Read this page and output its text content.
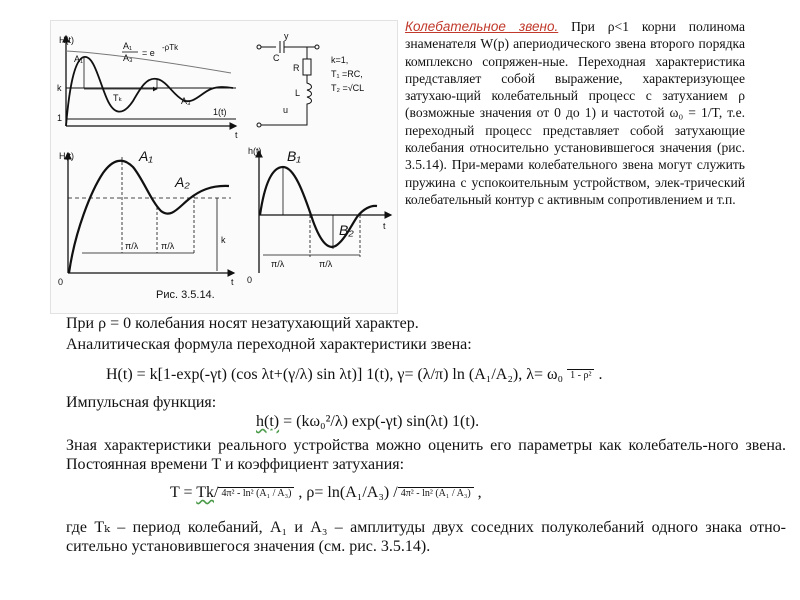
H(t)
t
A₁
A₃
k
1
Tₖ
1(t)
A₁
A₃ = e
-ρTk
y
C
R
L
u
k=1,
T₁ =RC,
T₂ =√CL
H(t)
t
0
A₁
A₂
k
π/λ	π/λ
h(t)
t
0
B₁
B₂
π/λ	π/λ
Рис. 3.5.14.
Колебательное звено. При ρ<1 корни полинома знаменателя W(p) апериодического звена второго порядка комплексно сопряжен-ные. Переходная характеристика представляет собой выражение, характеризующее затухаю-щий колебательный процесс с затуханием ρ (возможные значения от 0 до 1) и частотой ω₀ = 1/T, т.е. переходный процесс представляет собой затухающие колебания относительно установившегося значения (рис. 3.5.14). При-мерами колебательного звена могут служить пружина с успокоительным устройством, элек-трический колебательный контур с активным сопротивлением и т.п.
При ρ = 0 колебания носят незатухающий характер.
Аналитическая формула переходной характеристики звена:
H(t) = k[1-exp(-γt) (cos λt+(γ/λ) sin λt)] 1(t), γ= (λ/π) ln (A₁/A₂), λ= ω₀ 1 - ρ² .
Импульсная функция:
h(t) = (kω₀²/λ) exp(-γt) sin(λt) 1(t).
Зная характеристики реального устройства можно оценить его параметры как колебатель-ного звена. Постоянная времени T и коэффициент затухания:
T = Tk/ 4π² - ln² (A₁ / A₃) , ρ= ln(A₁/A₃) / 4π² - ln² (A₁ / A₃) ,
где Tₖ – период колебаний, A₁ и A₃ – амплитуды двух соседних полуколебаний одного знака отно-сительно установившегося значения (см. рис. 3.5.14).
